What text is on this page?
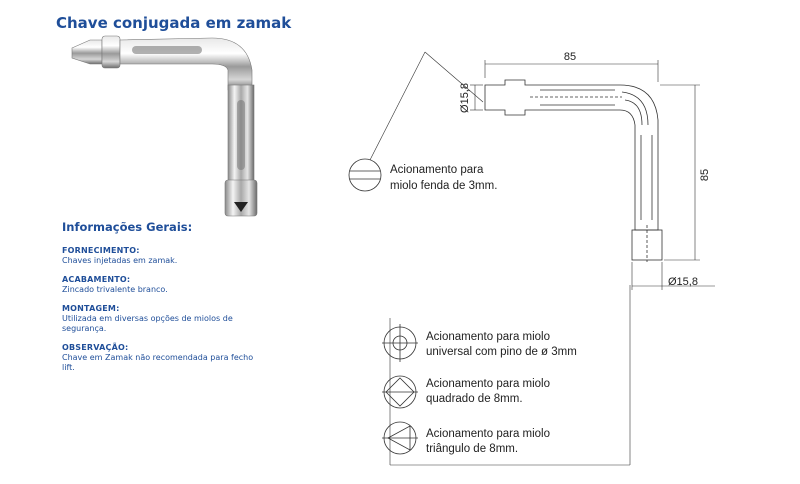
Chave conjugada em zamak
Informações Gerais:
FORNECIMENTO:
Chaves injetadas em zamak.
ACABAMENTO:
Zincado trivalente branco.
MONTAGEM:
Utilizada em diversas opções de miolos de segurança.
OBSERVAÇÃO:
Chave em Zamak não recomendada para fecho lift.
85
85
Ø15,8
Ø15,8
Acionamento para
miolo fenda de 3mm.
Acionamento para miolo
universal com pino de ø 3mm
Acionamento para miolo
quadrado de 8mm.
Acionamento para miolo
triângulo de 8mm.
